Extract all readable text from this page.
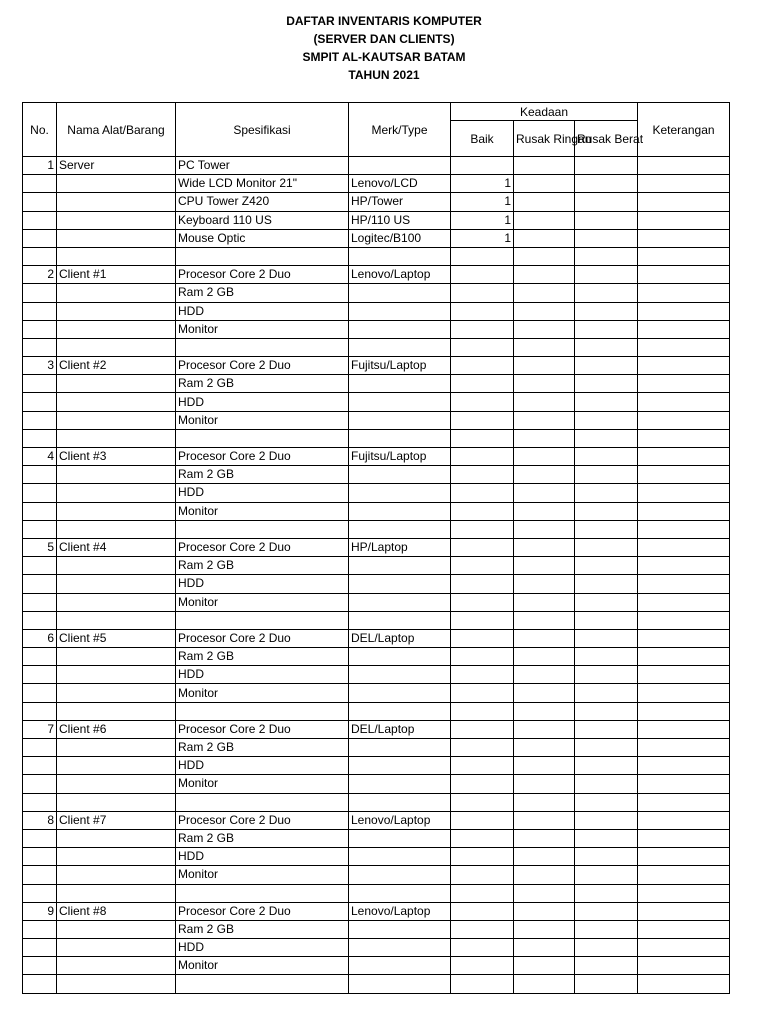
DAFTAR INVENTARIS KOMPUTER
(SERVER DAN CLIENTS)
SMPIT AL-KAUTSAR BATAM
TAHUN 2021
No.	Nama Alat/Barang	Spesifikasi	Merk/Type	Keadaan			Keterangan
				Baik	Rusak Ringan	Rusak Berat	
1	Server	PC Tower					
		Wide LCD Monitor 21"	Lenovo/LCD	1			
		CPU Tower Z420	HP/Tower	1			
		Keyboard 110 US	HP/110 US	1			
		Mouse Optic	Logitec/B100	1			

2	Client #1	Procesor Core 2 Duo	Lenovo/Laptop				
		Ram 2 GB					
		HDD					
		Monitor					

3	Client #2	Procesor Core 2 Duo	Fujitsu/Laptop				
		Ram 2 GB					
		HDD					
		Monitor					

4	Client #3	Procesor Core 2 Duo	Fujitsu/Laptop				
		Ram 2 GB					
		HDD					
		Monitor					

5	Client #4	Procesor Core 2 Duo	HP/Laptop				
		Ram 2 GB					
		HDD					
		Monitor					

6	Client #5	Procesor Core 2 Duo	DEL/Laptop				
		Ram 2 GB					
		HDD					
		Monitor					

7	Client #6	Procesor Core 2 Duo	DEL/Laptop				
		Ram 2 GB					
		HDD					
		Monitor					

8	Client #7	Procesor Core 2 Duo	Lenovo/Laptop				
		Ram 2 GB					
		HDD					
		Monitor					

9	Client #8	Procesor Core 2 Duo	Lenovo/Laptop				
		Ram 2 GB					
		HDD					
		Monitor					
